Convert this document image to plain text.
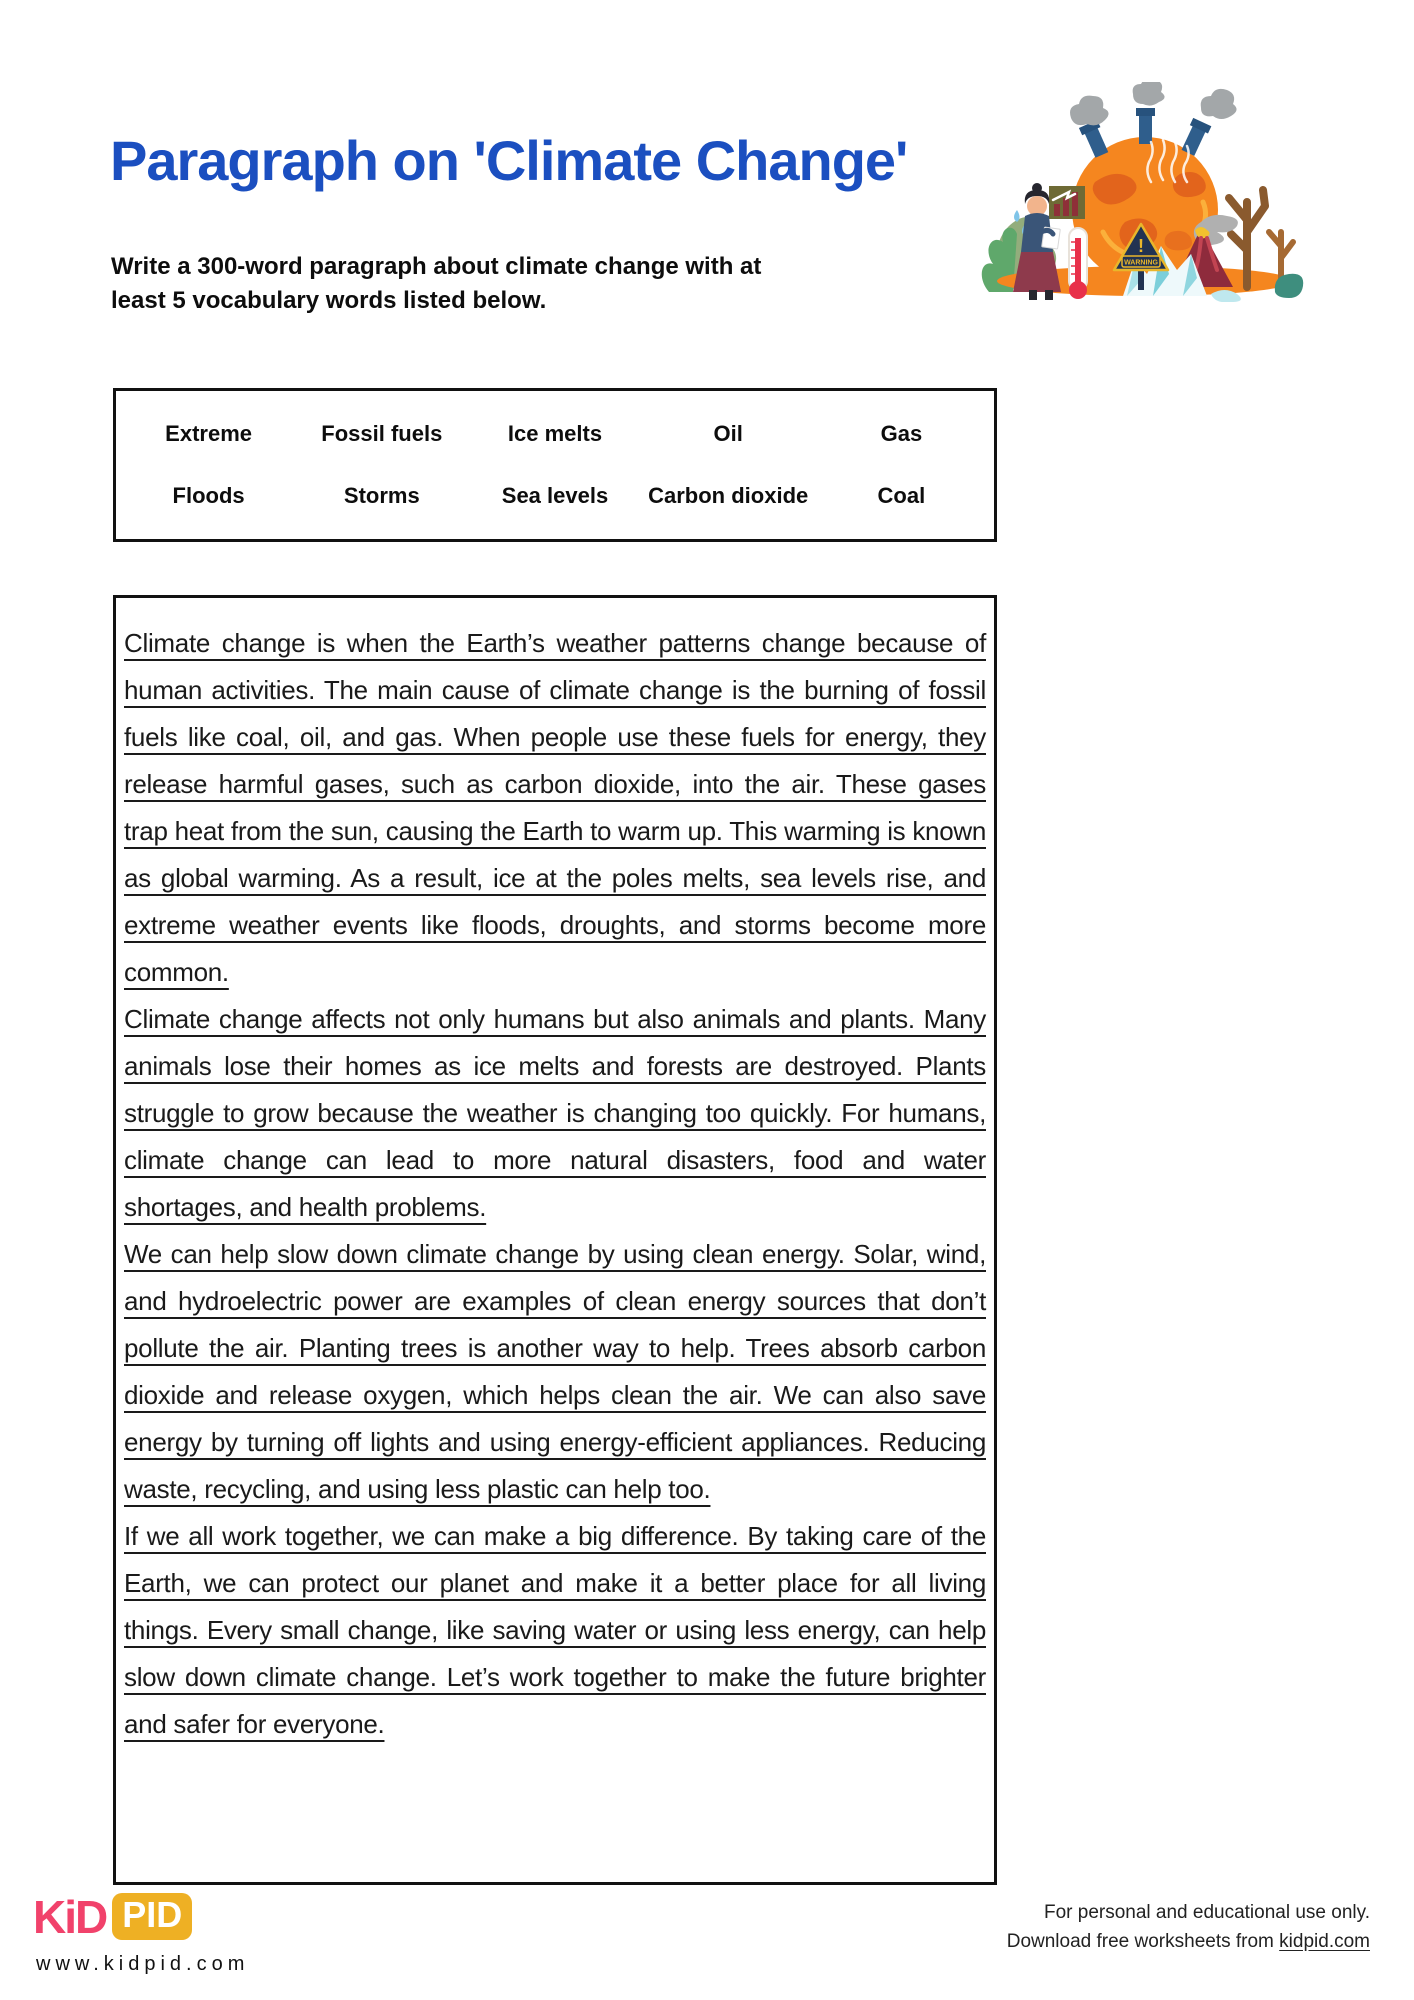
Paragraph on 'Climate Change'
Write a 300-word paragraph about climate change with at least 5 vocabulary words listed below.
!
WARNING
Extreme	Fossil fuels	Ice melts	Oil	Gas
Floods	Storms	Sea levels	Carbon dioxide	Coal

Climate change is when the Earth’s weather patterns change because of human activities. The main cause of climate change is the burning of fossil fuels like coal, oil, and gas. When people use these fuels for energy, they release harmful gases, such as carbon dioxide, into the air. These gases trap heat from the sun, causing the Earth to warm up. This warming is known as global warming. As a result, ice at the poles melts, sea levels rise, and extreme weather events like floods, droughts, and storms become more common.

Climate change affects not only humans but also animals and plants. Many animals lose their homes as ice melts and forests are destroyed. Plants struggle to grow because the weather is changing too quickly. For humans, climate change can lead to more natural disasters, food and water shortages, and health problems.

We can help slow down climate change by using clean energy. Solar, wind, and hydroelectric power are examples of clean energy sources that don’t pollute the air. Planting trees is another way to help. Trees absorb carbon dioxide and release oxygen, which helps clean the air. We can also save energy by turning off lights and using energy-efficient appliances. Reducing waste, recycling, and using less plastic can help too.

If we all work together, we can make a big difference. By taking care of the Earth, we can protect our planet and make it a better place for all living things. Every small change, like saving water or using less energy, can help slow down climate change. Let’s work together to make the future brighter and safer for everyone.

KiD PID
www.kidpid.com
For personal and educational use only.
Download free worksheets from kidpid.com
